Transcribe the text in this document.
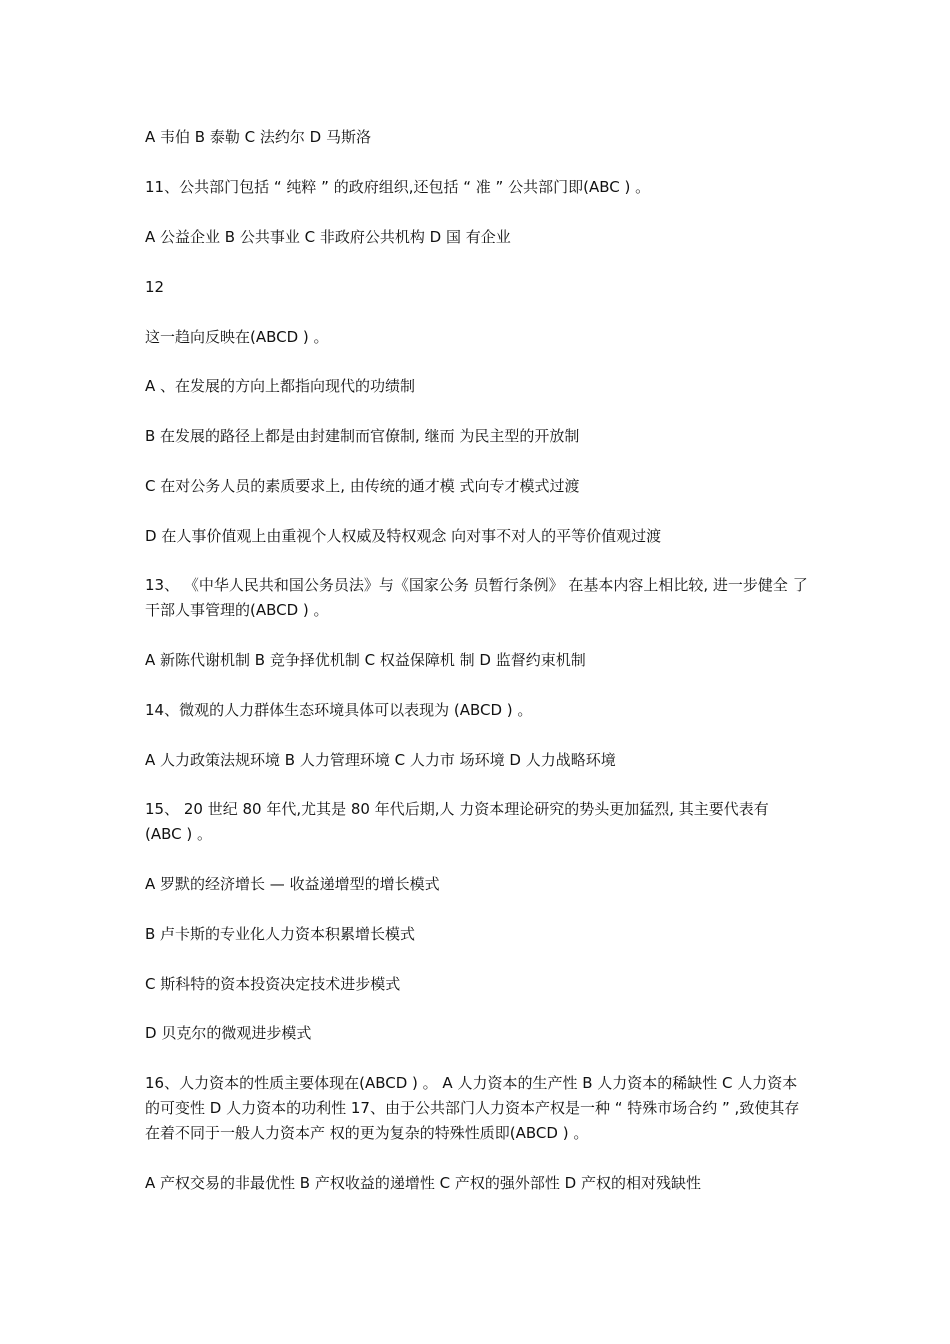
A 韦伯 B 泰勒 C 法约尔 D 马斯洛

11、公共部门包括 “ 纯粹 ” 的政府组织,还包括 “ 准 ” 公共部门即(ABC ) 。

A 公益企业 B 公共事业 C 非政府公共机构 D 国 有企业

12

这一趋向反映在(ABCD ) 。

A 、在发展的方向上都指向现代的功绩制

B 在发展的路径上都是由封建制而官僚制, 继而 为民主型的开放制

C 在对公务人员的素质要求上, 由传统的通才模 式向专才模式过渡

D 在人事价值观上由重视个人权威及特权观念 向对事不对人的平等价值观过渡

13、 《中华人民共和国公务员法》与《国家公务 员暂行条例》 在基本内容上相比较, 进一步健全 了干部人事管理的(ABCD ) 。

A 新陈代谢机制 B 竞争择优机制 C 权益保障机 制 D 监督约束机制

14、微观的人力群体生态环境具体可以表现为 (ABCD ) 。

A 人力政策法规环境 B 人力管理环境 C 人力市 场环境 D 人力战略环境

15、 20 世纪 80 年代,尤其是 80 年代后期,人 力资本理论研究的势头更加猛烈, 其主要代表有 (ABC ) 。

A 罗默的经济增长 — 收益递增型的增长模式

B 卢卡斯的专业化人力资本积累增长模式

C 斯科特的资本投资决定技术进步模式

D 贝克尔的微观进步模式

16、人力资本的性质主要体现在(ABCD ) 。 A 人力资本的生产性 B 人力资本的稀缺性 C 人力资本的可变性 D 人力资本的功利性 17、由于公共部门人力资本产权是一种 “ 特殊市场合约 ” ,致使其存在着不同于一般人力资本产 权的更为复杂的特殊性质即(ABCD ) 。

A 产权交易的非最优性 B 产权收益的递增性 C 产权的强外部性 D 产权的相对残缺性
